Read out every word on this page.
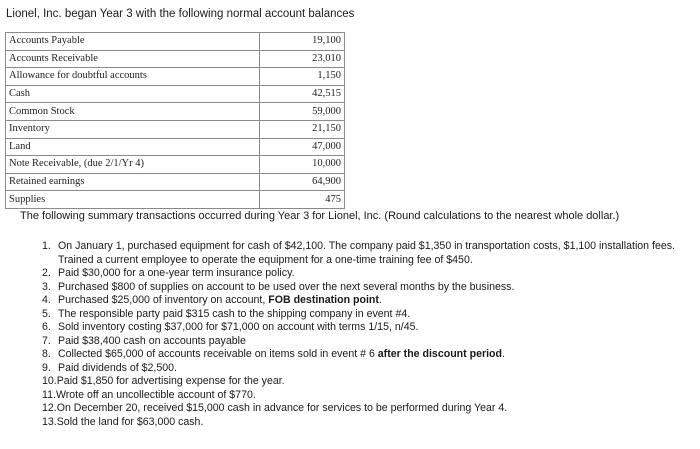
Lionel, Inc. began Year 3 with the following normal account balances
Accounts Payable	19,100
Accounts Receivable	23,010
Allowance for doubtful accounts	1,150
Cash	42,515
Common Stock	59,000
Inventory	21,150
Land	47,000
Note Receivable, (due 2/1/Yr 4)	10,000
Retained earnings	64,900
Supplies	475
The following summary transactions occurred during Year 3 for Lionel, Inc. (Round calculations to the nearest whole dollar.)
1. On January 1, purchased equipment for cash of $42,100. The company paid $1,350 in transportation costs, $1,100 installation fees. Trained a current employee to operate the equipment for a one-time training fee of $450.
2. Paid $30,000 for a one-year term insurance policy.
3. Purchased $800 of supplies on account to be used over the next several months by the business.
4. Purchased $25,000 of inventory on account, FOB destination point.
5. The responsible party paid $315 cash to the shipping company in event #4.
6. Sold inventory costing $37,000 for $71,000 on account with terms 1/15, n/45.
7. Paid $38,400 cash on accounts payable
8. Collected $65,000 of accounts receivable on items sold in event # 6 after the discount period.
9. Paid dividends of $2,500.
10. Paid $1,850 for advertising expense for the year.
11. Wrote off an uncollectible account of $770.
12. On December 20, received $15,000 cash in advance for services to be performed during Year 4.
13. Sold the land for $63,000 cash.
